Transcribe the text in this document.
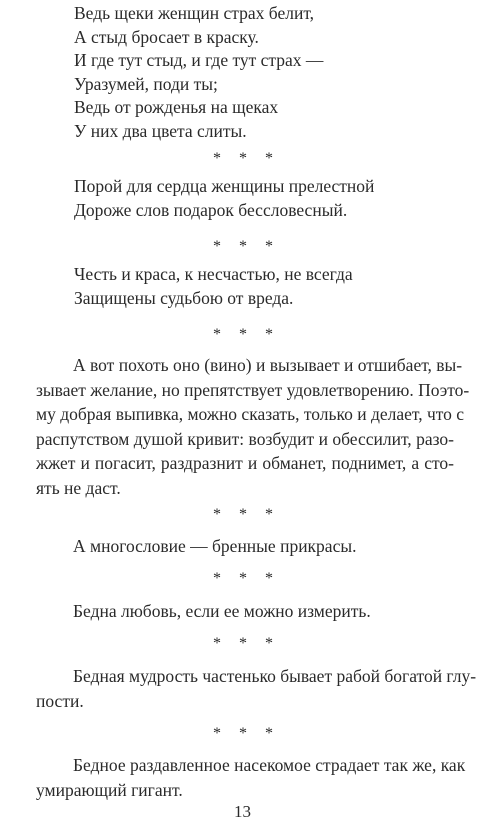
Ведь щеки женщин страх белит,
А стыд бросает в краску.
И где тут стыд, и где тут страх —
Уразумей, поди ты;
Ведь от рожденья на щеках
У них два цвета слиты.
* * *
Порой для сердца женщины прелестной
Дороже слов подарок бессловесный.
* * *
Честь и краса, к несчастью, не всегда
Защищены судьбою от вреда.
* * *
А вот похоть оно (вино) и вызывает и отшибает, вы-
зывает желание, но препятствует удовлетворению. Поэто-
му добрая выпивка, можно сказать, только и делает, что с
распутством душой кривит: возбудит и обессилит, разо-
жжет и погасит, раздразнит и обманет, поднимет, а сто-
ять не даст.
* * *
А многословие — бренные прикрасы.
* * *
Бедна любовь, если ее можно измерить.
* * *
Бедная мудрость частенько бывает рабой богатой глу-
пости.
* * *
Бедное раздавленное насекомое страдает так же, как
умирающий гигант.
13
